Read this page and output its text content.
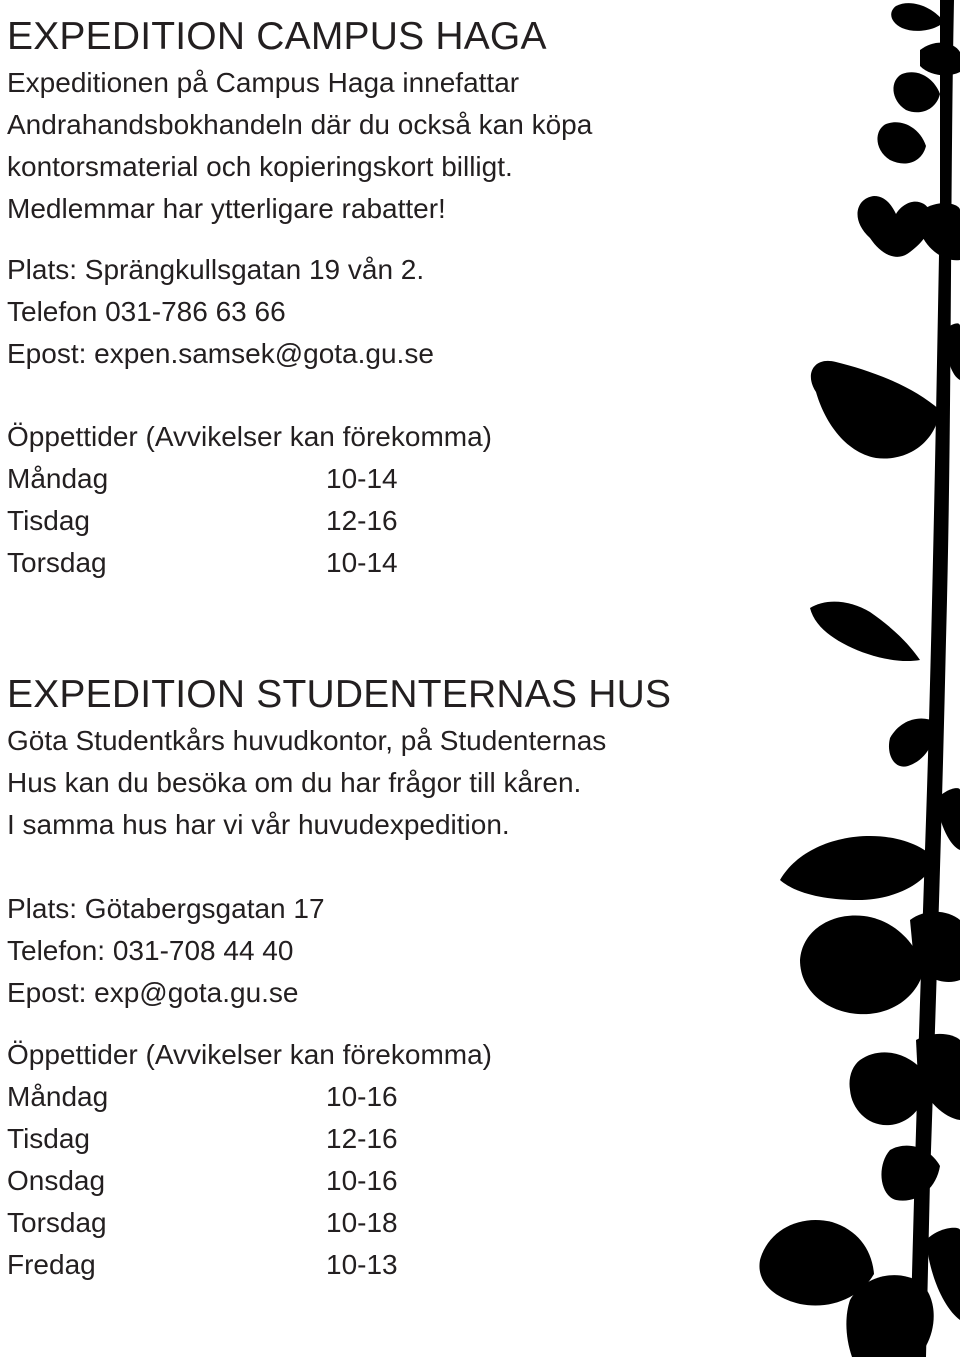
EXPEDITION CAMPUS HAGA
Expeditionen på Campus Haga innefattar
Andrahandsbokhandeln där du också kan köpa
kontorsmaterial och kopieringskort billigt.
Medlemmar har ytterligare rabatter!
Plats: Sprängkullsgatan 19 vån 2.
Telefon 031-786 63 66
Epost: expen.samsek@gota.gu.se
Öppettider (Avvikelser kan förekomma)
Måndag	10-14
Tisdag	12-16
Torsdag	10-14
EXPEDITION STUDENTERNAS HUS
Göta Studentkårs huvudkontor, på Studenternas
Hus kan du besöka om du har frågor till kåren.
I samma hus har vi vår huvudexpedition.
Plats: Götabergsgatan 17
Telefon: 031-708 44 40
Epost: exp@gota.gu.se
Öppettider (Avvikelser kan förekomma)
Måndag	10-16
Tisdag	12-16
Onsdag	10-16
Torsdag	10-18
Fredag	10-13
